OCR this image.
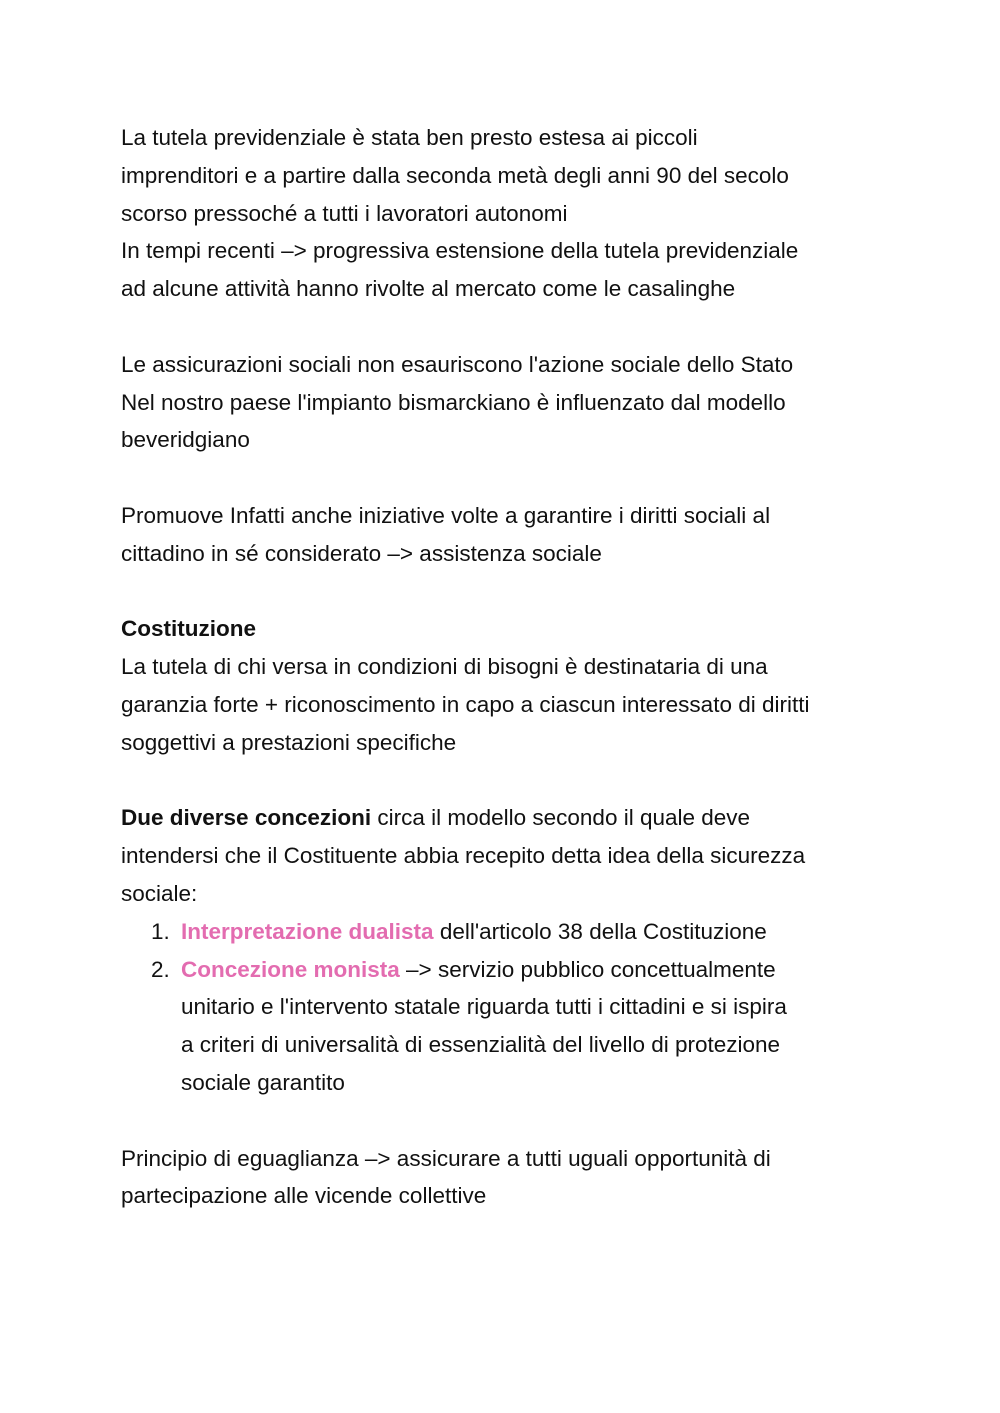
La tutela previdenziale è stata ben presto estesa ai piccoli
imprenditori e a partire dalla seconda metà degli anni 90 del secolo
scorso pressoché a tutti i lavoratori autonomi
In tempi recenti –> progressiva estensione della tutela previdenziale
ad alcune attività hanno rivolte al mercato come le casalinghe

Le assicurazioni sociali non esauriscono l'azione sociale dello Stato
Nel nostro paese l'impianto bismarckiano è influenzato dal modello
beveridgiano

Promuove Infatti anche iniziative volte a garantire i diritti sociali al
cittadino in sé considerato –> assistenza sociale

Costituzione
La tutela di chi versa in condizioni di bisogni è destinataria di una
garanzia forte + riconoscimento in capo a ciascun interessato di diritti
soggettivi a prestazioni specifiche

Due diverse concezioni circa il modello secondo il quale deve
intendersi che il Costituente abbia recepito detta idea della sicurezza
sociale:

1. Interpretazione dualista dell'articolo 38 della Costituzione
2. Concezione monista –> servizio pubblico concettualmente
unitario e l'intervento statale riguarda tutti i cittadini e si ispira
a criteri di universalità di essenzialità del livello di protezione
sociale garantito

Principio di eguaglianza –> assicurare a tutti uguali opportunità di
partecipazione alle vicende collettive
